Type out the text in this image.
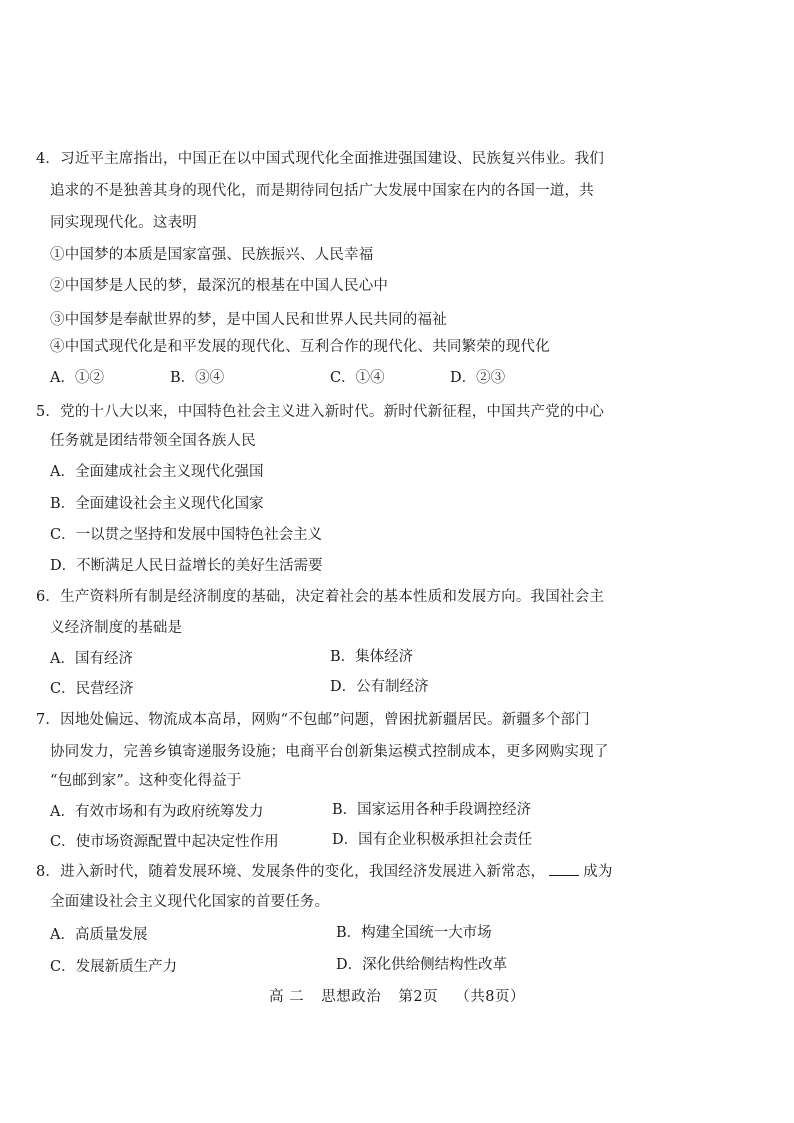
4．习近平主席指出，中国正在以中国式现代化全面推进强国建设、民族复兴伟业。我们
追求的不是独善其身的现代化，而是期待同包括广大发展中国家在内的各国一道，共
同实现现代化。这表明
①中国梦的本质是国家富强、民族振兴、人民幸福
②中国梦是人民的梦，最深沉的根基在中国人民心中
③中国梦是奉献世界的梦，是中国人民和世界人民共同的福祉
④中国式现代化是和平发展的现代化、互利合作的现代化、共同繁荣的现代化
A．①②	B．③④	C．①④	D．②③
5．党的十八大以来，中国特色社会主义进入新时代。新时代新征程，中国共产党的中心
任务就是团结带领全国各族人民
A．全面建成社会主义现代化强国
B．全面建设社会主义现代化国家
C．一以贯之坚持和发展中国特色社会主义
D．不断满足人民日益增长的美好生活需要
6．生产资料所有制是经济制度的基础，决定着社会的基本性质和发展方向。我国社会主
义经济制度的基础是
A．国有经济	B．集体经济
C．民营经济	D．公有制经济
7．因地处偏远、物流成本高昂，网购“不包邮”问题，曾困扰新疆居民。新疆多个部门
协同发力，完善乡镇寄递服务设施；电商平台创新集运模式控制成本，更多网购实现了
“包邮到家”。这种变化得益于
A．有效市场和有为政府统筹发力	B．国家运用各种手段调控经济
C．使市场资源配置中起决定性作用	D．国有企业积极承担社会责任
8．进入新时代，随着发展环境、发展条件的变化，我国经济发展进入新常态，	成为
全面建设社会主义现代化国家的首要任务。
A．高质量发展	B．构建全国统一大市场
C．发展新质生产力	D．深化供给侧结构性改革
高 二 思想政治 第2页 （共8页）
